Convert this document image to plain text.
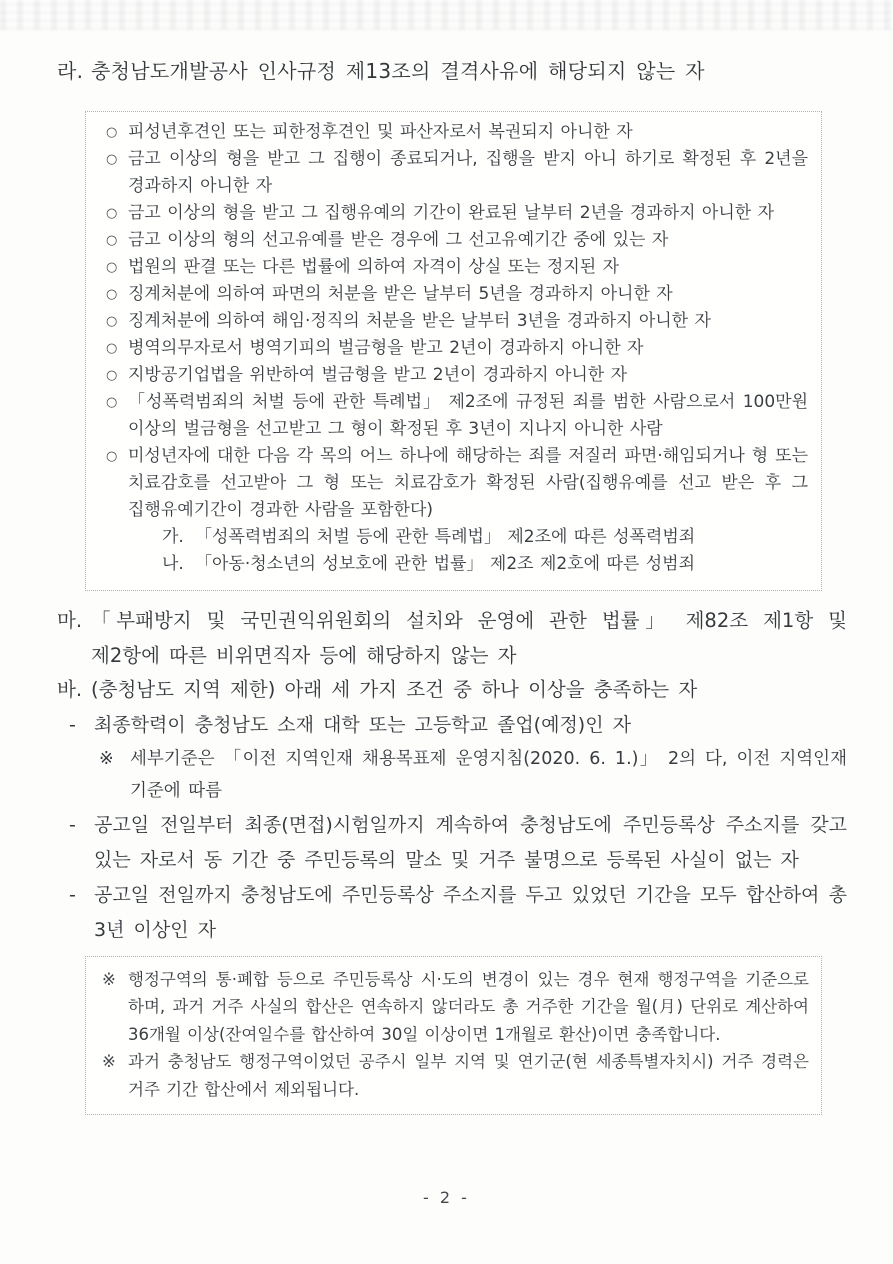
라. 충청남도개발공사 인사규정 제13조의 결격사유에 해당되지 않는 자
○ 피성년후견인 또는 피한정후견인 및 파산자로서 복권되지 아니한 자
○ 금고 이상의 형을 받고 그 집행이 종료되거나, 집행을 받지 아니 하기로 확정된 후 2년을 경과하지 아니한 자
○ 금고 이상의 형을 받고 그 집행유예의 기간이 완료된 날부터 2년을 경과하지 아니한 자
○ 금고 이상의 형의 선고유예를 받은 경우에 그 선고유예기간 중에 있는 자
○ 법원의 판결 또는 다른 법률에 의하여 자격이 상실 또는 정지된 자
○ 징계처분에 의하여 파면의 처분을 받은 날부터 5년을 경과하지 아니한 자
○ 징계처분에 의하여 해임·정직의 처분을 받은 날부터 3년을 경과하지 아니한 자
○ 병역의무자로서 병역기피의 벌금형을 받고 2년이 경과하지 아니한 자
○ 지방공기업법을 위반하여 벌금형을 받고 2년이 경과하지 아니한 자
○ 「성폭력범죄의 처벌 등에 관한 특례법」 제2조에 규정된 죄를 범한 사람으로서 100만원 이상의 벌금형을 선고받고 그 형이 확정된 후 3년이 지나지 아니한 사람
○ 미성년자에 대한 다음 각 목의 어느 하나에 해당하는 죄를 저질러 파면·해임되거나 형 또는 치료감호를 선고받아 그 형 또는 치료감호가 확정된 사람(집행유예를 선고 받은 후 그 집행유예기간이 경과한 사람을 포함한다)
가. 「성폭력범죄의 처벌 등에 관한 특례법」 제2조에 따른 성폭력범죄
나. 「아동·청소년의 성보호에 관한 법률」 제2조 제2호에 따른 성범죄
마. 「부패방지 및 국민권익위원회의 설치와 운영에 관한 법률」 제82조 제1항 및 제2항에 따른 비위면직자 등에 해당하지 않는 자
바. (충청남도 지역 제한) 아래 세 가지 조건 중 하나 이상을 충족하는 자
- 최종학력이 충청남도 소재 대학 또는 고등학교 졸업(예정)인 자
※ 세부기준은 「이전 지역인재 채용목표제 운영지침(2020. 6. 1.)」 2의 다, 이전 지역인재 기준에 따름
- 공고일 전일부터 최종(면접)시험일까지 계속하여 충청남도에 주민등록상 주소지를 갖고 있는 자로서 동 기간 중 주민등록의 말소 및 거주 불명으로 등록된 사실이 없는 자
- 공고일 전일까지 충청남도에 주민등록상 주소지를 두고 있었던 기간을 모두 합산하여 총 3년 이상인 자
※ 행정구역의 통·폐합 등으로 주민등록상 시·도의 변경이 있는 경우 현재 행정구역을 기준으로 하며, 과거 거주 사실의 합산은 연속하지 않더라도 총 거주한 기간을 월(月) 단위로 계산하여 36개월 이상(잔여일수를 합산하여 30일 이상이면 1개월로 환산)이면 충족합니다.
※ 과거 충청남도 행정구역이었던 공주시 일부 지역 및 연기군(현 세종특별자치시) 거주 경력은 거주 기간 합산에서 제외됩니다.
- 2 -
